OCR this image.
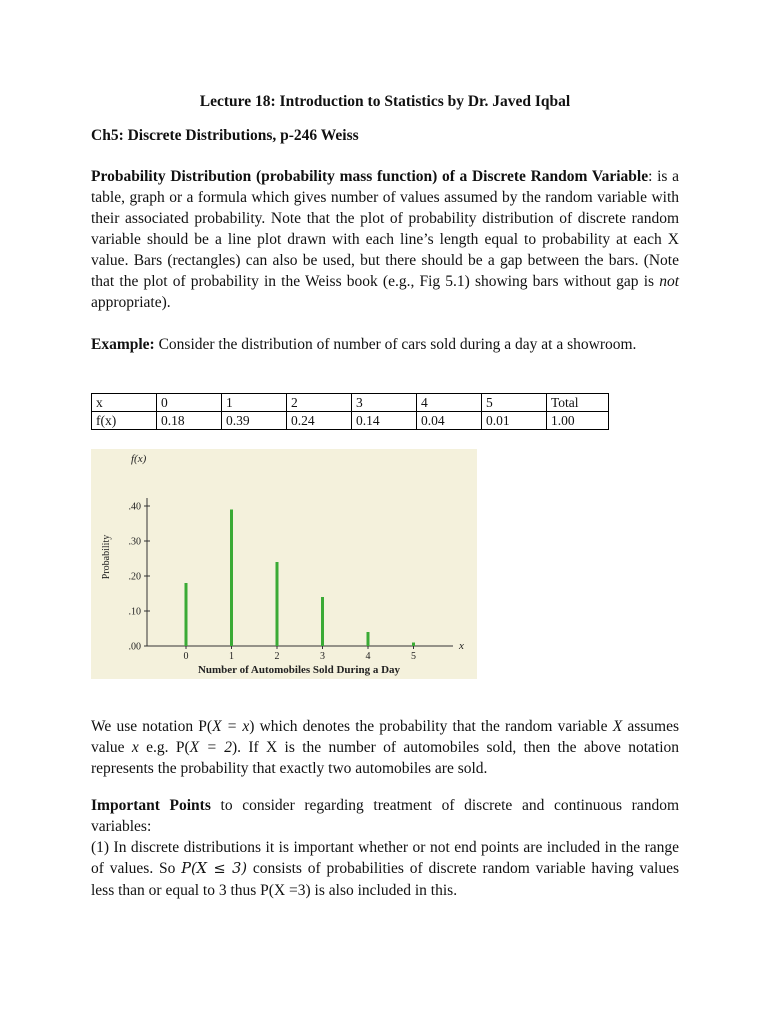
Lecture 18: Introduction to Statistics by Dr. Javed Iqbal
Ch5: Discrete Distributions, p-246 Weiss
Probability Distribution (probability mass function) of a Discrete Random Variable: is a table, graph or a formula which gives number of values assumed by the random variable with their associated probability. Note that the plot of probability distribution of discrete random variable should be a line plot drawn with each line’s length equal to probability at each X value. Bars (rectangles) can also be used, but there should be a gap between the bars. (Note that the plot of probability in the Weiss book (e.g., Fig 5.1) showing bars without gap is not appropriate).
Example: Consider the distribution of number of cars sold during a day at a showroom.
x	0	1	2	3	4	5	Total
f(x)	0.18	0.39	0.24	0.14	0.04	0.01	1.00
f(x)
x
Probability
Number of Automobiles Sold During a Day
.00
.10
.20
.30
.40
0	1	2	3	4	5
We use notation P(X = x) which denotes the probability that the random variable X assumes value x e.g. P(X = 2). If X is the number of automobiles sold, then the above notation represents the probability that exactly two automobiles are sold.
Important Points to consider regarding treatment of discrete and continuous random variables:
(1) In discrete distributions it is important whether or not end points are included in the range of values. So P(X ≤ 3) consists of probabilities of discrete random variable having values less than or equal to 3 thus P(X =3) is also included in this.
